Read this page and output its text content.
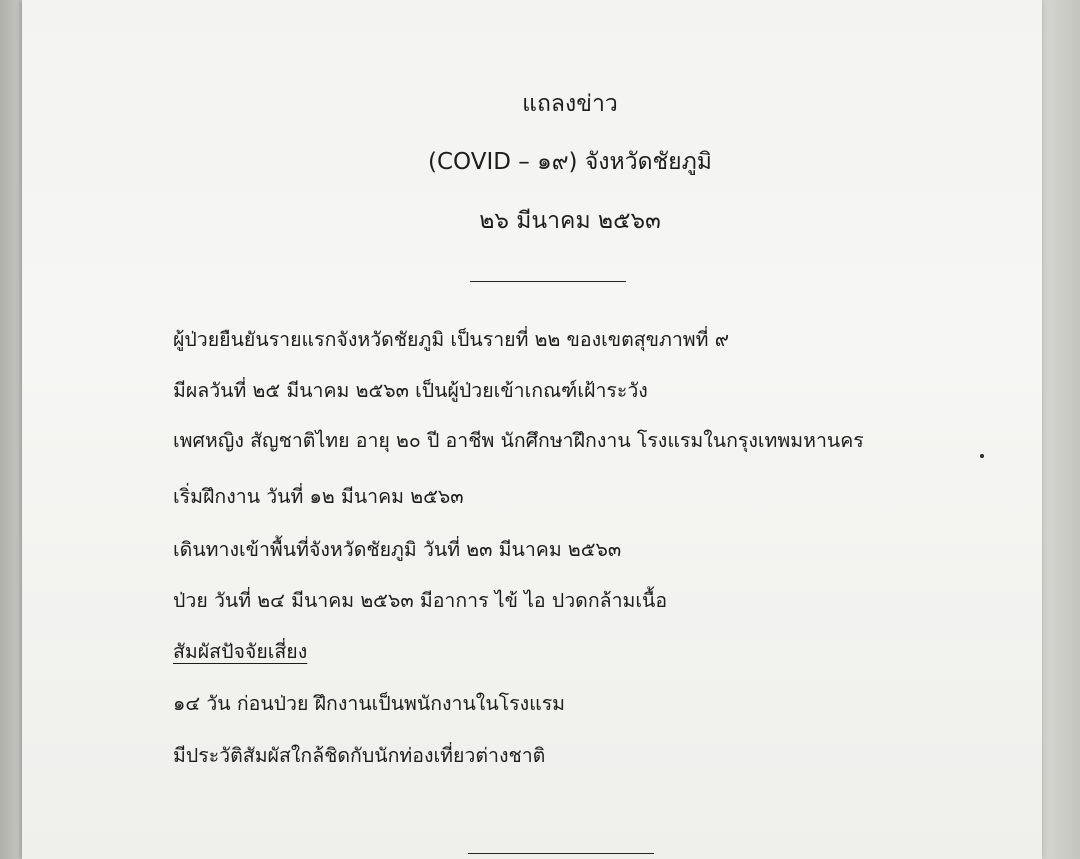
แถลงข่าว
(COVID – ๑๙) จังหวัดชัยภูมิ
๒๖ มีนาคม ๒๕๖๓
ผู้ป่วยยืนยันรายแรกจังหวัดชัยภูมิ เป็นรายที่ ๒๒ ของเขตสุขภาพที่ ๙
มีผลวันที่ ๒๕ มีนาคม ๒๕๖๓ เป็นผู้ป่วยเข้าเกณฑ์เฝ้าระวัง
เพศหญิง สัญชาติไทย อายุ ๒๐ ปี อาชีพ นักศึกษาฝึกงาน โรงแรมในกรุงเทพมหานคร
เริ่มฝึกงาน วันที่ ๑๒ มีนาคม ๒๕๖๓
เดินทางเข้าพื้นที่จังหวัดชัยภูมิ วันที่ ๒๓ มีนาคม ๒๕๖๓
ป่วย วันที่ ๒๔ มีนาคม ๒๕๖๓ มีอาการ ไข้ ไอ ปวดกล้ามเนื้อ
สัมผัสปัจจัยเสี่ยง
๑๔ วัน ก่อนป่วย ฝึกงานเป็นพนักงานในโรงแรม
มีประวัติสัมผัสใกล้ชิดกับนักท่องเที่ยวต่างชาติ
